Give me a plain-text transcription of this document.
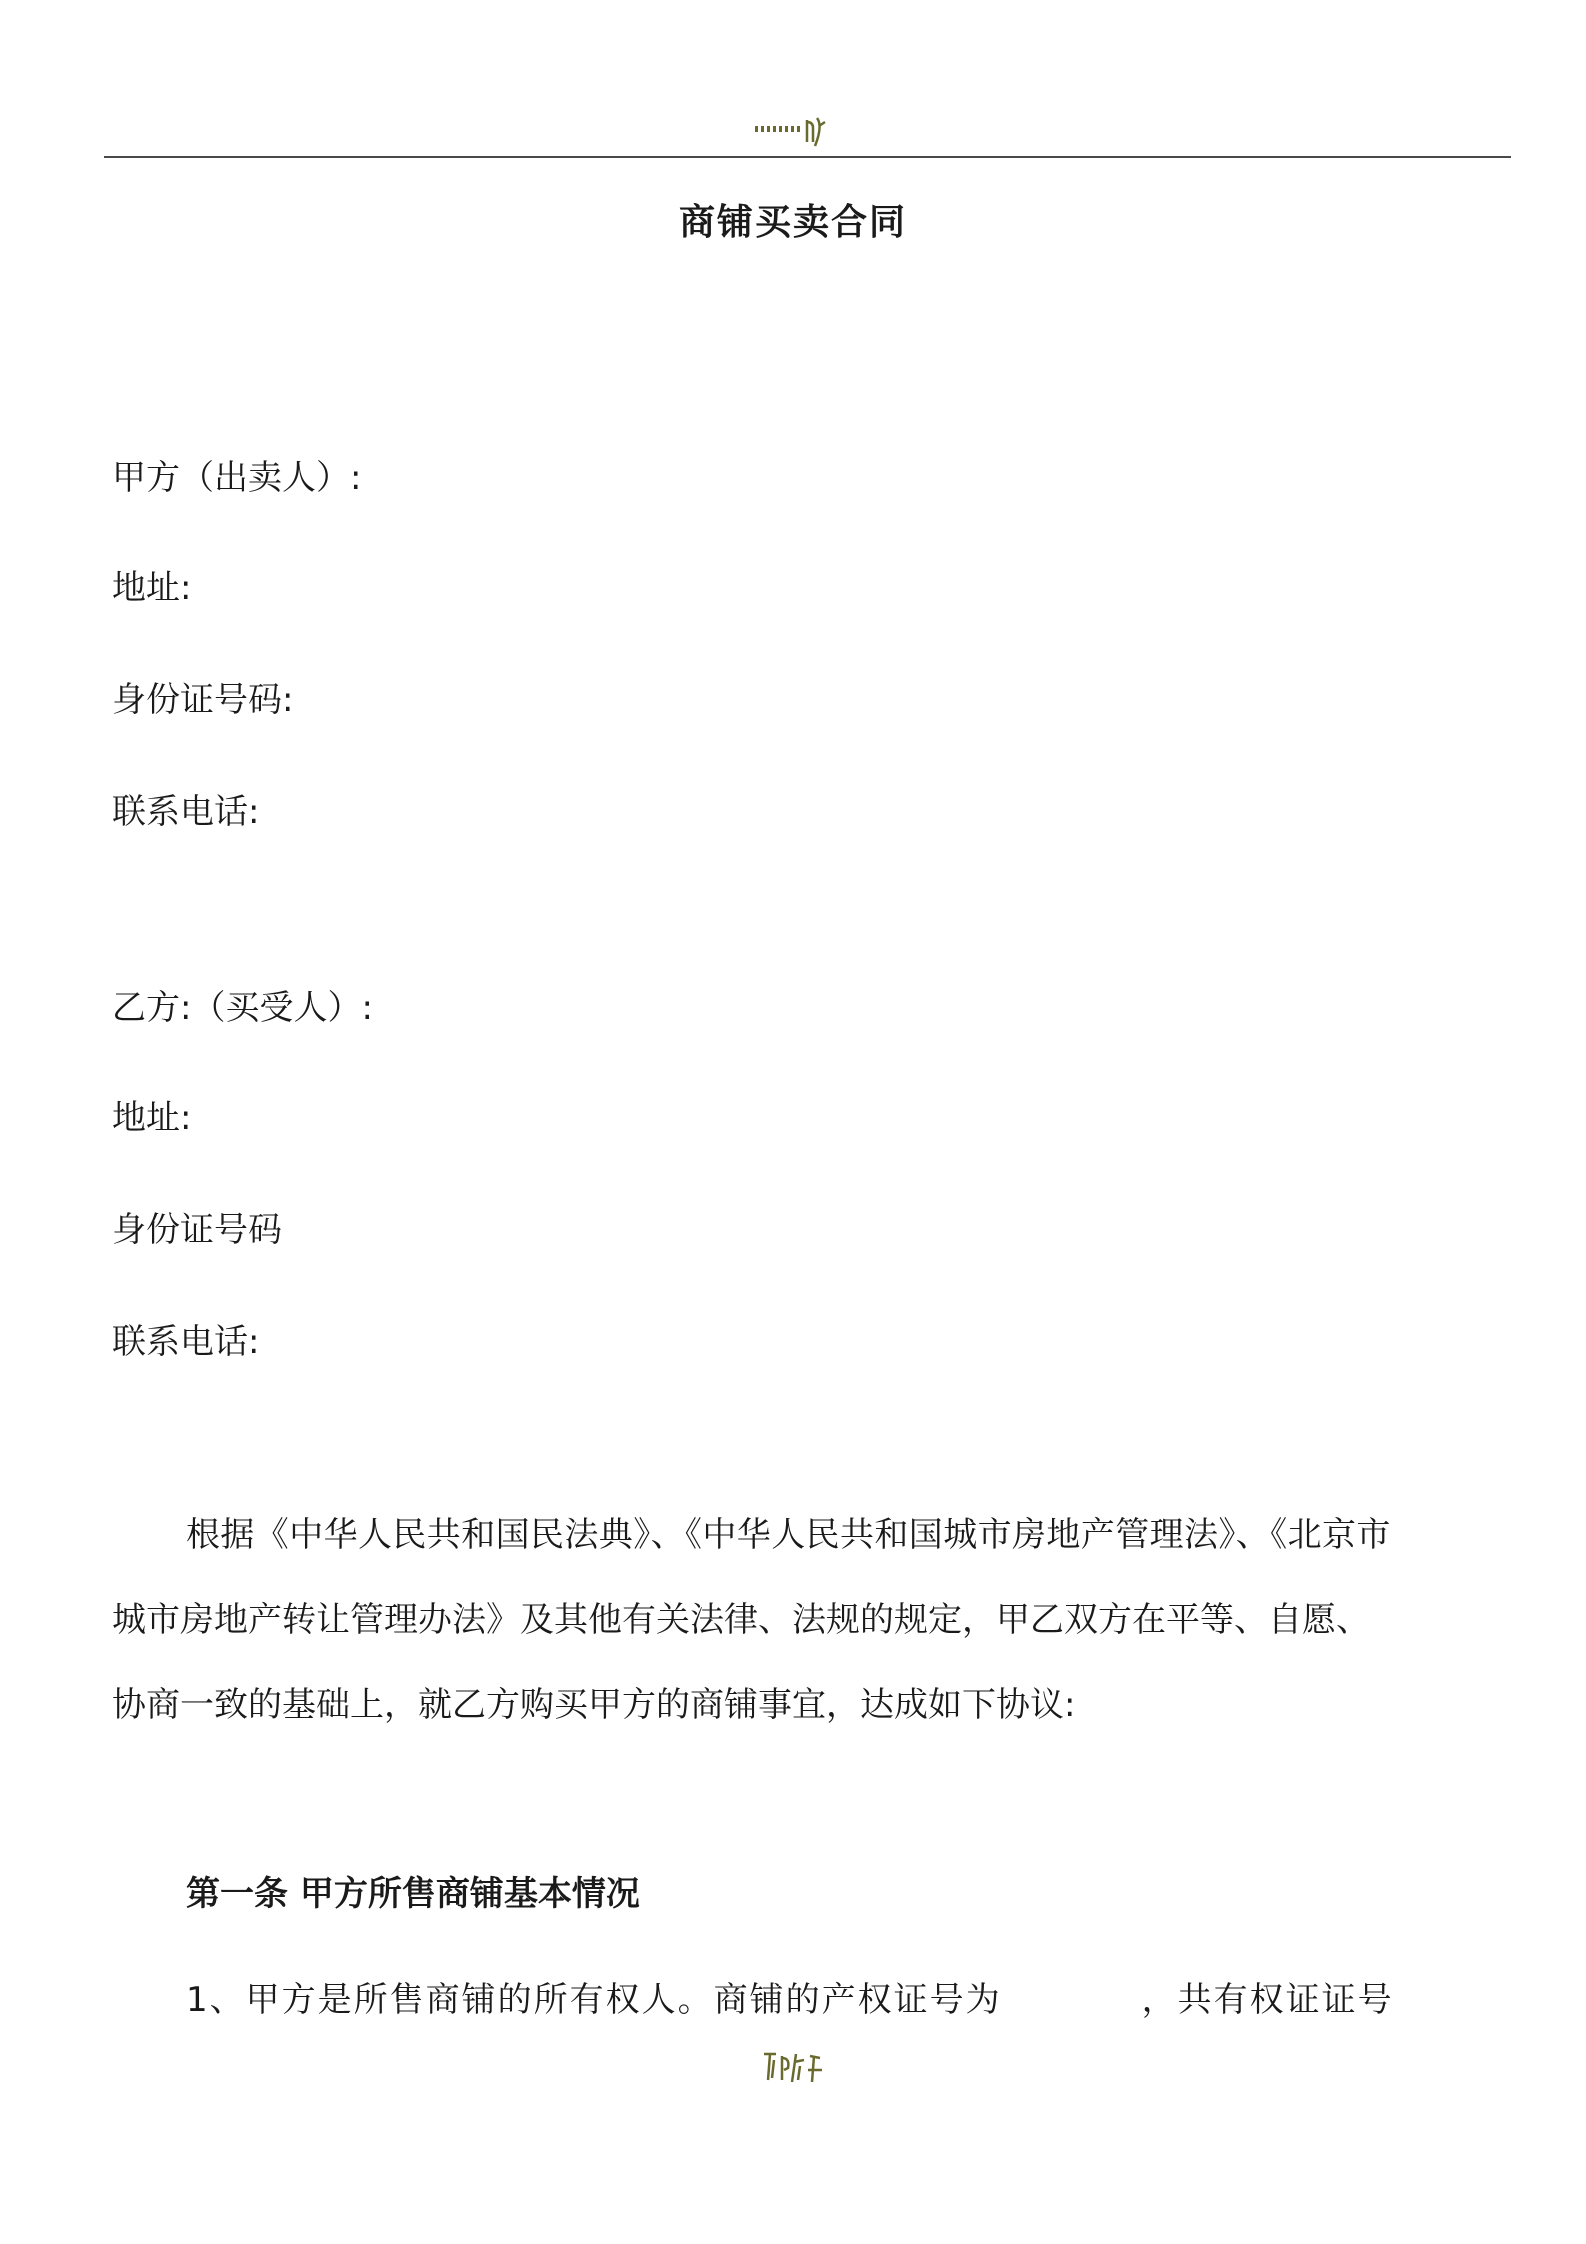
商铺买卖合同
甲方（出卖人）:
地址:
身份证号码:
联系电话:
乙方:（买受人）:
地址:
身份证号码
联系电话:

根据《中华人民共和国民法典》、《中华人民共和国城市房地产管理法》、《北京市

城市房地产转让管理办法》及其他有关法律、法规的规定，甲乙双方在平等、自愿、

协商一致的基础上，就乙方购买甲方的商铺事宜，达成如下协议:

第一条 甲方所售商铺基本情况
1、甲方是所售商铺的所有权人。商铺的产权证号为	，共有权证证号
